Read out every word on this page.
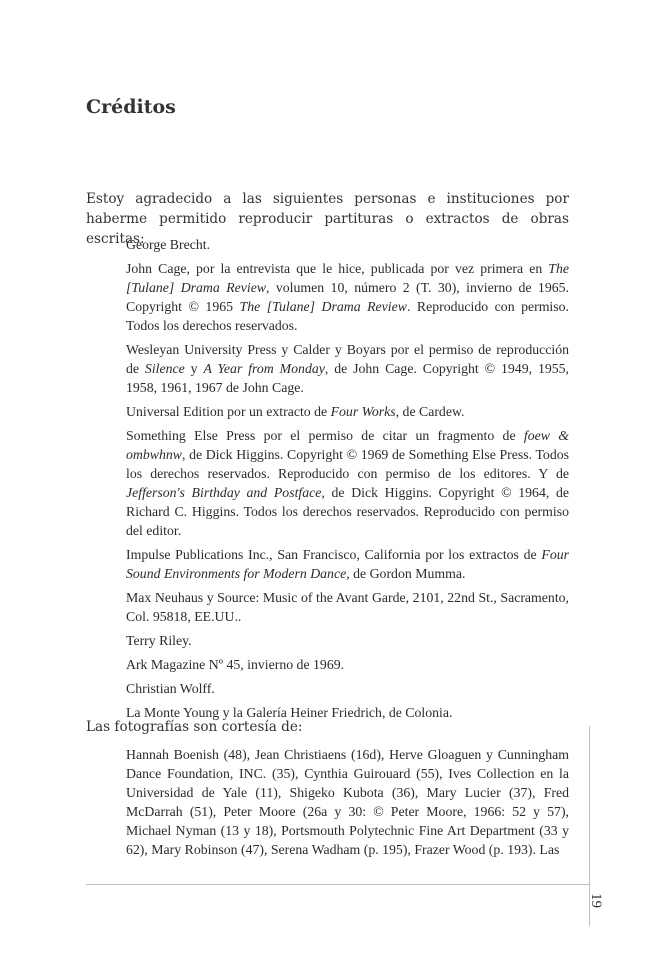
Créditos
Estoy agradecido a las siguientes personas e instituciones por haberme permitido reproducir partituras o extractos de obras escritas:

George Brecht.

John Cage, por la entrevista que le hice, publicada por vez primera en The [Tulane] Drama Review, volumen 10, número 2 (T. 30), invierno de 1965. Copyright © 1965 The [Tulane] Drama Review. Reproducido con permiso. Todos los derechos reservados.

Wesleyan University Press y Calder y Boyars por el permiso de reproducción de Silence y A Year from Monday, de John Cage. Copyright © 1949, 1955, 1958, 1961, 1967 de John Cage.

Universal Edition por un extracto de Four Works, de Cardew.

Something Else Press por el permiso de citar un fragmento de foew & ombwhnw, de Dick Higgins. Copyright © 1969 de Something Else Press. Todos los derechos reservados. Reproducido con permiso de los editores. Y de Jefferson's Birthday and Postface, de Dick Higgins. Copyright © 1964, de Richard C. Higgins. Todos los derechos reservados. Reproducido con permiso del editor.

Impulse Publications Inc., San Francisco, California por los extractos de Four Sound Environments for Modern Dance, de Gordon Mumma.

Max Neuhaus y Source: Music of the Avant Garde, 2101, 22nd St., Sacramento, Col. 95818, EE.UU..

Terry Riley.

Ark Magazine Nº 45, invierno de 1969.

Christian Wolff.

La Monte Young y la Galería Heiner Friedrich, de Colonia.

Las fotografías son cortesía de:

Hannah Boenish (48), Jean Christiaens (16d), Herve Gloaguen y Cunningham Dance Foundation, INC. (35), Cynthia Guirouard (55), Ives Collection en la Universidad de Yale (11), Shigeko Kubota (36), Mary Lucier (37), Fred McDarrah (51), Peter Moore (26a y 30: © Peter Moore, 1966: 52 y 57), Michael Nyman (13 y 18), Portsmouth Polytechnic Fine Art Department (33 y 62), Mary Robinson (47), Serena Wadham (p. 195), Frazer Wood (p. 193). Las

19
